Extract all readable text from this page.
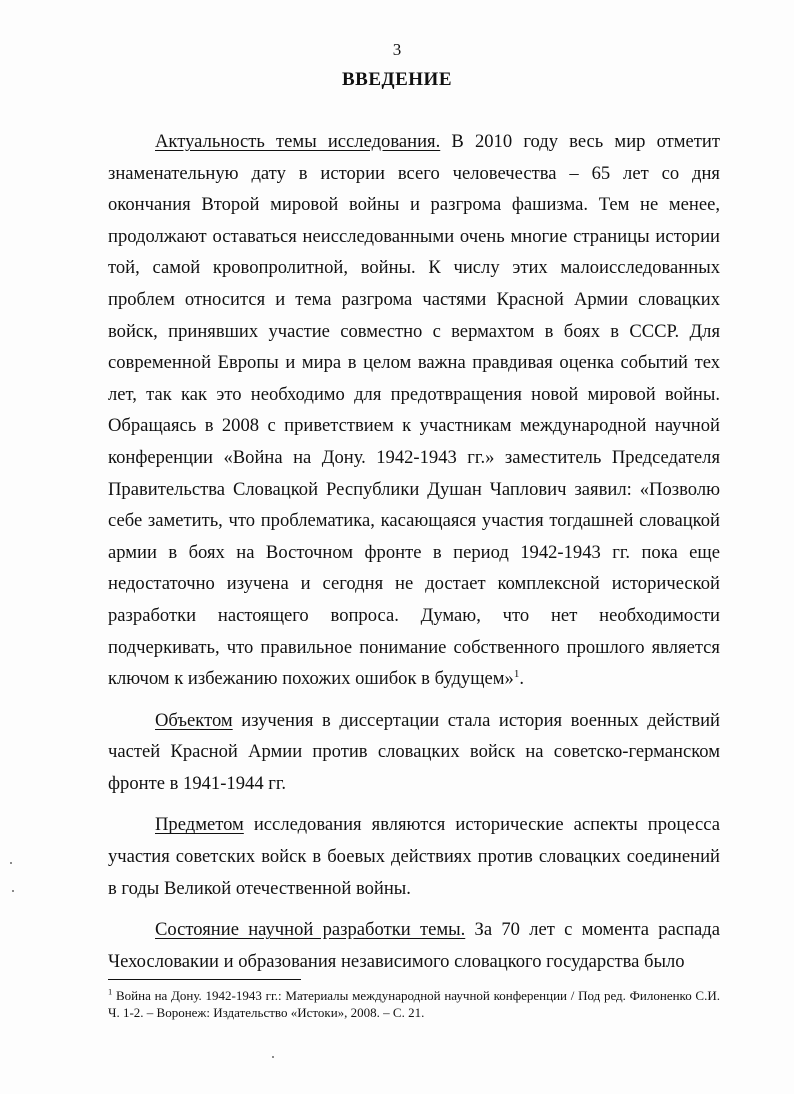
3
ВВЕДЕНИЕ

Актуальность темы исследования. В 2010 году весь мир отметит знаменательную дату в истории всего человечества – 65 лет со дня окончания Второй мировой войны и разгрома фашизма. Тем не менее, продолжают оставаться неисследованными очень многие страницы истории той, самой кровопролитной, войны. К числу этих малоисследованных проблем относится и тема разгрома частями Красной Армии словацких войск, принявших участие совместно с вермахтом в боях в СССР. Для современной Европы и мира в целом важна правдивая оценка событий тех лет, так как это необходимо для предотвращения новой мировой войны. Обращаясь в 2008 с приветствием к участникам международной научной конференции «Война на Дону. 1942-1943 гг.» заместитель Председателя Правительства Словацкой Республики Душан Чаплович заявил: «Позволю себе заметить, что проблематика, касающаяся участия тогдашней словацкой армии в боях на Восточном фронте в период 1942-1943 гг. пока еще недостаточно изучена и сегодня не достает комплексной исторической разработки настоящего вопроса. Думаю, что нет необходимости подчеркивать, что правильное понимание собственного прошлого является ключом к избежанию похожих ошибок в будущем»$^1$.

Объектом изучения в диссертации стала история военных действий частей Красной Армии против словацких войск на советско-германском фронте в 1941-1944 гг.

Предметом исследования являются исторические аспекты процесса участия советских войск в боевых действиях против словацких соединений в годы Великой отечественной войны.

Состояние научной разработки темы. За 70 лет с момента распада Чехословакии и образования независимого словацкого государства было

$^1$ Война на Дону. 1942-1943 гг.: Материалы международной научной конференции / Под ред. Филоненко С.И. Ч. 1-2. – Воронеж: Издательство «Истоки», 2008. – С. 21.
